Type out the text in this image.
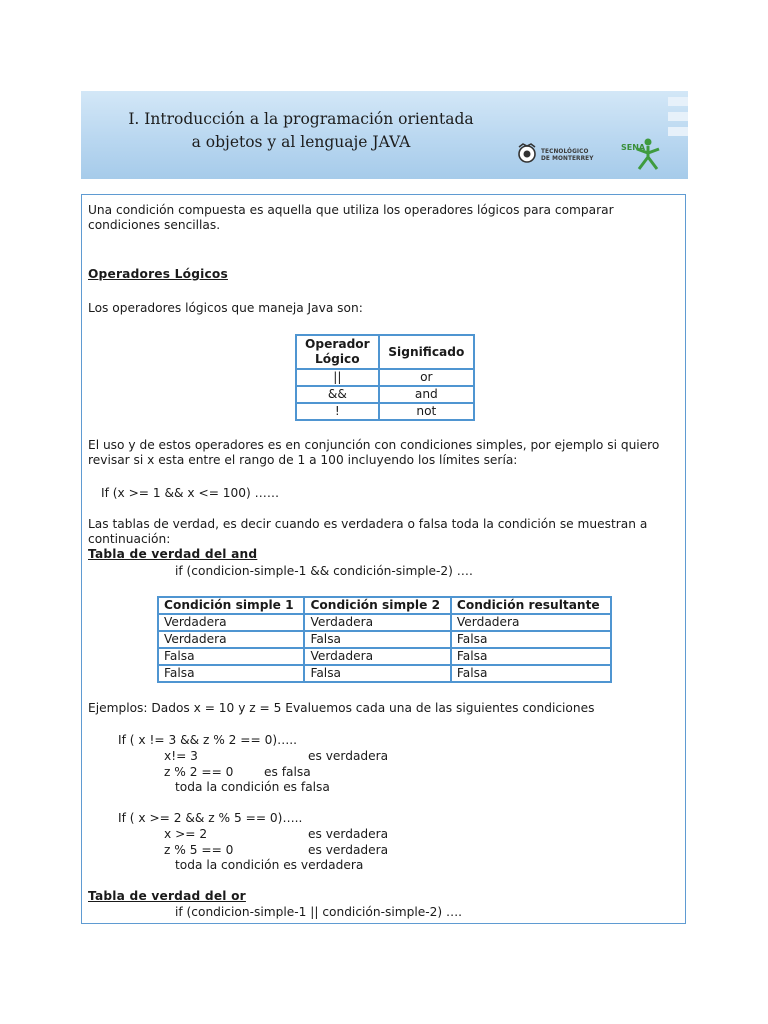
I. Introducción a la programación orientada
a objetos y al lenguaje JAVA
TECNOLÓGICO
DE MONTERREY
SENA
Una condición compuesta es aquella que utiliza los operadores lógicos para comparar
condiciones sencillas.
Operadores Lógicos
Los operadores lógicos que maneja Java son:
Operador
Lógico	Significado
||	or
&&	and
!	not
El uso y de estos operadores es en conjunción con condiciones simples, por ejemplo si quiero
revisar si x esta entre el rango de 1 a 100 incluyendo los límites sería:
If (x >= 1 && x <= 100) ……
Las tablas de verdad, es decir cuando es verdadera o falsa toda la condición se muestran a
continuación:
Tabla de verdad del and
if (condicion-simple-1 && condición-simple-2) ….
Condición simple 1	Condición simple 2	Condición resultante
Verdadera	Verdadera	Verdadera
Verdadera	Falsa	Falsa
Falsa	Verdadera	Falsa
Falsa	Falsa	Falsa
Ejemplos: Dados x = 10 y z = 5 Evaluemos cada una de las siguientes condiciones
If ( x != 3 && z % 2 == 0)…..
x!= 3	es verdadera
z % 2 == 0	es falsa
toda la condición es falsa
If ( x >= 2 && z % 5 == 0)…..
x >= 2	es verdadera
z % 5 == 0	es verdadera
toda la condición es verdadera
Tabla de verdad del or
if (condicion-simple-1 || condición-simple-2) ….
